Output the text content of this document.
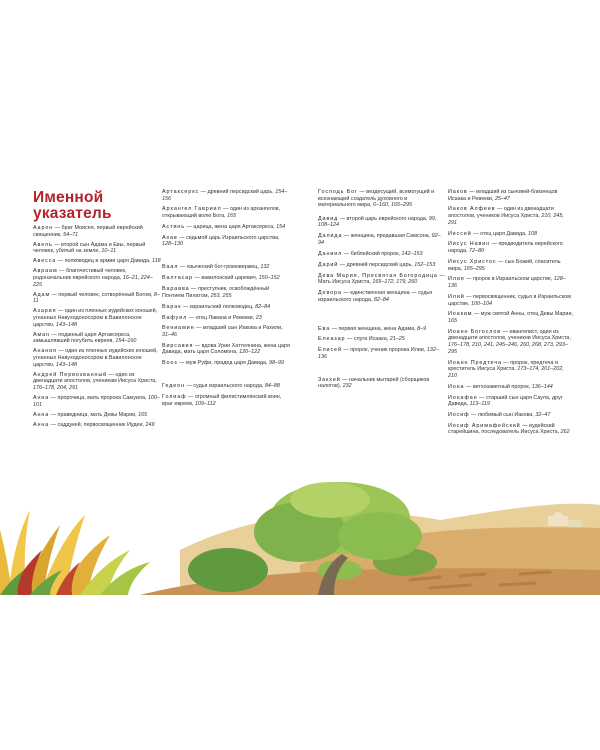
Именной
указатель

Аарон — брат Моисея, первый еврейский священник, 54–71

Авель — второй сын Адама и Евы, первый человек, убитый на земле, 10–11

Авесса — полководец в армии царя Давида, 118

Авраам — благочестивый человек, родоначальник еврейского народа, 16–21, 224–225

Адам — первый человек, сотворённый Богом, 8–11

Азария — один из пленных иудейских юношей, угнанных Навуходоносором в Вавилонское царство, 143–148

Аман — поданный царя Артаксеркса, замышлявший погубить евреев, 154–160

Анания — один из пленных иудейских юношей, угнанных Навуходоносором в Вавилонское царство, 143–148

Андрей Первозванный — один из двенадцати апостолов, ученикам Иисуса Христа, 176–178, 204, 291

Анна — пророчица, мать пророка Самуила, 100–101

Анна — праведница, мать Девы Марии, 165

Анна — саддукей, первосвященник Иудеи, 249

Артаксеркс — древний персидский царь, 154–156

Архангел Гавриил — один из архангелов, открывающий волю Бога, 165

Астинь — царица, жена царя Артаксеркса, 154

Ахав — седьмой царь Израильского царства, 128–130

Ваал — языческий бог-громовержец, 132

Валтасар — вавилонский царевич, 150–152

Варавва — преступник, освобождённый Понтием Пилатом, 253, 255

Варак — израильский полководец, 82–84

Вафуил — отец Лавана и Ревекки, 23

Вениамин — младший сын Иакова и Рахили, 31–46

Вирсавия — вдова Урии Хаттеянина, жена царя Давида, мать царя Соломона, 120–122

Вооз — муж Руфи, прадед царя Давида, 98–99

Гедеон — судья израильского народа, 84–88

Голиаф — огромный филистимлянский воин, враг евреев, 109–112

Господь Бог — вездесущий, всемогущий и всезнающий создатель духовного и материального мира, 6–160, 165–295

Давид — второй царь еврейского народа, 99, 108–124

Далида — женщина, предавшая Самсона, 92–94

Даниил — библейский пророк, 142–153

Дарий — древний персидский царь, 152–153

Дева Мария, Пресвятая Богородица — Мать Иисуса Христа, 165–172, 179, 260

Девора — единственная женщина — судья израильского народа, 82–84

Ева — первая женщина, жена Адама, 8–9

Елеазар — слуга Исаака, 21–25

Елисей — пророк, ученик пророка Илии, 132–136

Закхей — начальник мытарей (сборщиков налогов), 232

Иаков — младший из сыновей-близнецов Исаака и Ревекки, 25–47

Иаков Алфеев — один из двенадцати апостолов, учеников Иисуса Христа, 210, 245, 291

Иессей — отец царя Давида, 108

Иисус Навин — предводитель еврейского народа, 72–80

Иисус Христос — сын Божий, спаситель мира, 165–295

Илия — пророк в Израильском царстве, 128–136

Илий — первосвященник, судья в Израильском царстве, 100–104

Иоаким — муж святой Анны, отец Девы Марии, 165

Иоанн Богослов — евангелист, один из двенадцати апостолов, учеников Иисуса Христа, 176–178, 210, 241, 245–246, 260, 268, 273, 293–295

Иоанн Предтеча — пророк, предтеча и креститель Иисуса Христа, 173–174, 201–202, 210

Иона — ветхозаветный пророк, 136–144

Ионафан — старший сын царя Саула, друг Давида, 113–119

Иосиф — любимый сын Иакова, 32–47

Иосиф Аримафейский — иудейский старейшина, последователь Иисуса Христа, 262
